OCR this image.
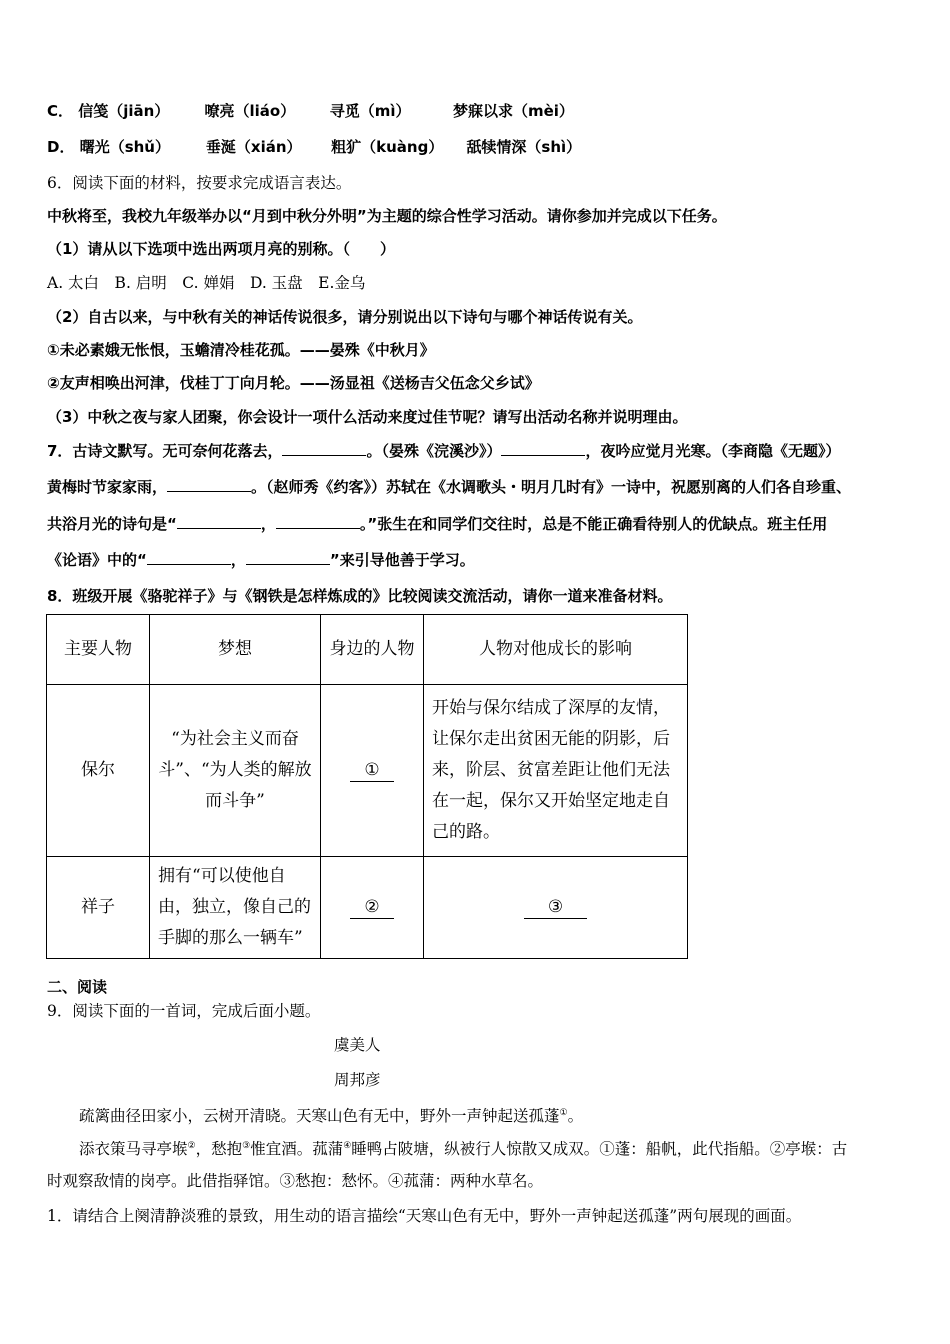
C． 信笺（jiān） 嘹亮（liáo） 寻觅（mì）	梦寐以求（mèi）
D． 曙光（shǔ） 垂涎（xián） 粗犷（kuàng） 舐犊情深（shì）
6．阅读下面的材料，按要求完成语言表达。
中秋将至，我校九年级举办以“月到中秋分外明”为主题的综合性学习活动。请你参加并完成以下任务。
（1）请从以下选项中选出两项月亮的别称。（　　）
A. 太白　B. 启明　C. 婵娟　D. 玉盘　E.金乌
（2）自古以来，与中秋有关的神话传说很多，请分别说出以下诗句与哪个神话传说有关。
①未必素娥无怅恨，玉蟾清冷桂花孤。——晏殊《中秋月》
②友声相唤出河津，伐桂丁丁向月轮。——汤显祖《送杨吉父伍念父乡试》
（3）中秋之夜与家人团聚，你会设计一项什么活动来度过佳节呢？请写出活动名称并说明理由。
7．古诗文默写。无可奈何花落去，	。（晏殊《浣溪沙》）	，夜吟应觉月光寒。（李商隐《无题》）
黄梅时节家家雨，	。（赵师秀《约客》）苏轼在《水调歌头・明月几时有》一诗中，祝愿别离的人们各自珍重、
共浴月光的诗句是“	，	。”张生在和同学们交往时，总是不能正确看待别人的优缺点。班主任用
《论语》中的“	，	”来引导他善于学习。
8．班级开展《骆驼祥子》与《钢铁是怎样炼成的》比较阅读交流活动，请你一道来准备材料。
主要人物	梦想	身边的人物	人物对他成长的影响
保尔	“为社会主义而奋斗”、“为人类的解放而斗争”	①	开始与保尔结成了深厚的友情，让保尔走出贫困无能的阴影，后来，阶层、贫富差距让他们无法在一起，保尔又开始坚定地走自己的路。
祥子	拥有“可以使他自由，独立，像自己的手脚的那么一辆车”	②	③
二、阅读
9．阅读下面的一首词，完成后面小题。
虞美人
周邦彦
疏篱曲径田家小，云树开清晓。天寒山色有无中，野外一声钟起送孤蓬①。
添衣策马寻亭堠②，愁抱③惟宜酒。菰蒲④睡鸭占陂塘，纵被行人惊散又成双。①蓬：船帆，此代指船。②亭堠：古
时观察敌情的岗亭。此借指驿馆。③愁抱：愁怀。④菰蒲：两种水草名。
1．请结合上阕清静淡雅的景致，用生动的语言描绘“天寒山色有无中，野外一声钟起送孤蓬”两句展现的画面。
